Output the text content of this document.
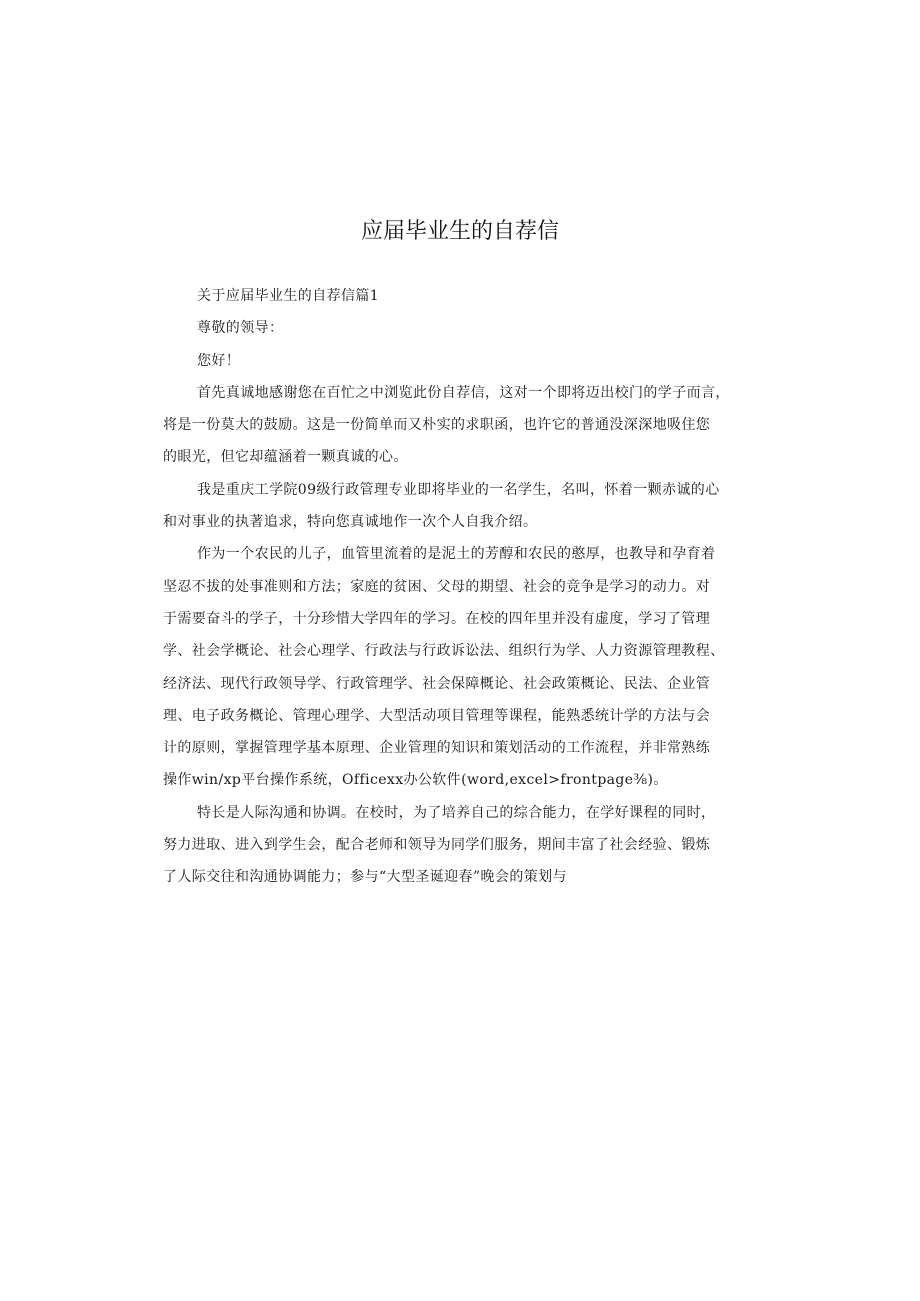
应届毕业生的自荐信
关于应届毕业生的自荐信篇1
尊敬的领导：
您好！
首先真诚地感谢您在百忙之中浏览此份自荐信，这对一个即将迈出校门的学子而言，
将是一份莫大的鼓励。这是一份简单而又朴实的求职函，也许它的普通没深深地吸住您
的眼光，但它却蕴涵着一颗真诚的心。
我是重庆工学院09级行政管理专业即将毕业的一名学生，名叫，怀着一颗赤诚的心
和对事业的执著追求，特向您真诚地作一次个人自我介绍。
作为一个农民的儿子，血管里流着的是泥土的芳醇和农民的憨厚，也教导和孕育着
坚忍不拔的处事准则和方法；家庭的贫困、父母的期望、社会的竞争是学习的动力。对
于需要奋斗的学子，十分珍惜大学四年的学习。在校的四年里并没有虚度，学习了管理
学、社会学概论、社会心理学、行政法与行政诉讼法、组织行为学、人力资源管理教程、
经济法、现代行政领导学、行政管理学、社会保障概论、社会政策概论、民法、企业管
理、电子政务概论、管理心理学、大型活动项目管理等课程，能熟悉统计学的方法与会
计的原则，掌握管理学基本原理、企业管理的知识和策划活动的工作流程，并非常熟练
操作win/xp平台操作系统，Officexx办公软件(word,excel>frontpage⅜)。
特长是人际沟通和协调。在校时，为了培养自己的综合能力，在学好课程的同时，
努力进取、进入到学生会，配合老师和领导为同学们服务，期间丰富了社会经验、锻炼
了人际交往和沟通协调能力；参与“大型圣诞迎春”晚会的策划与
